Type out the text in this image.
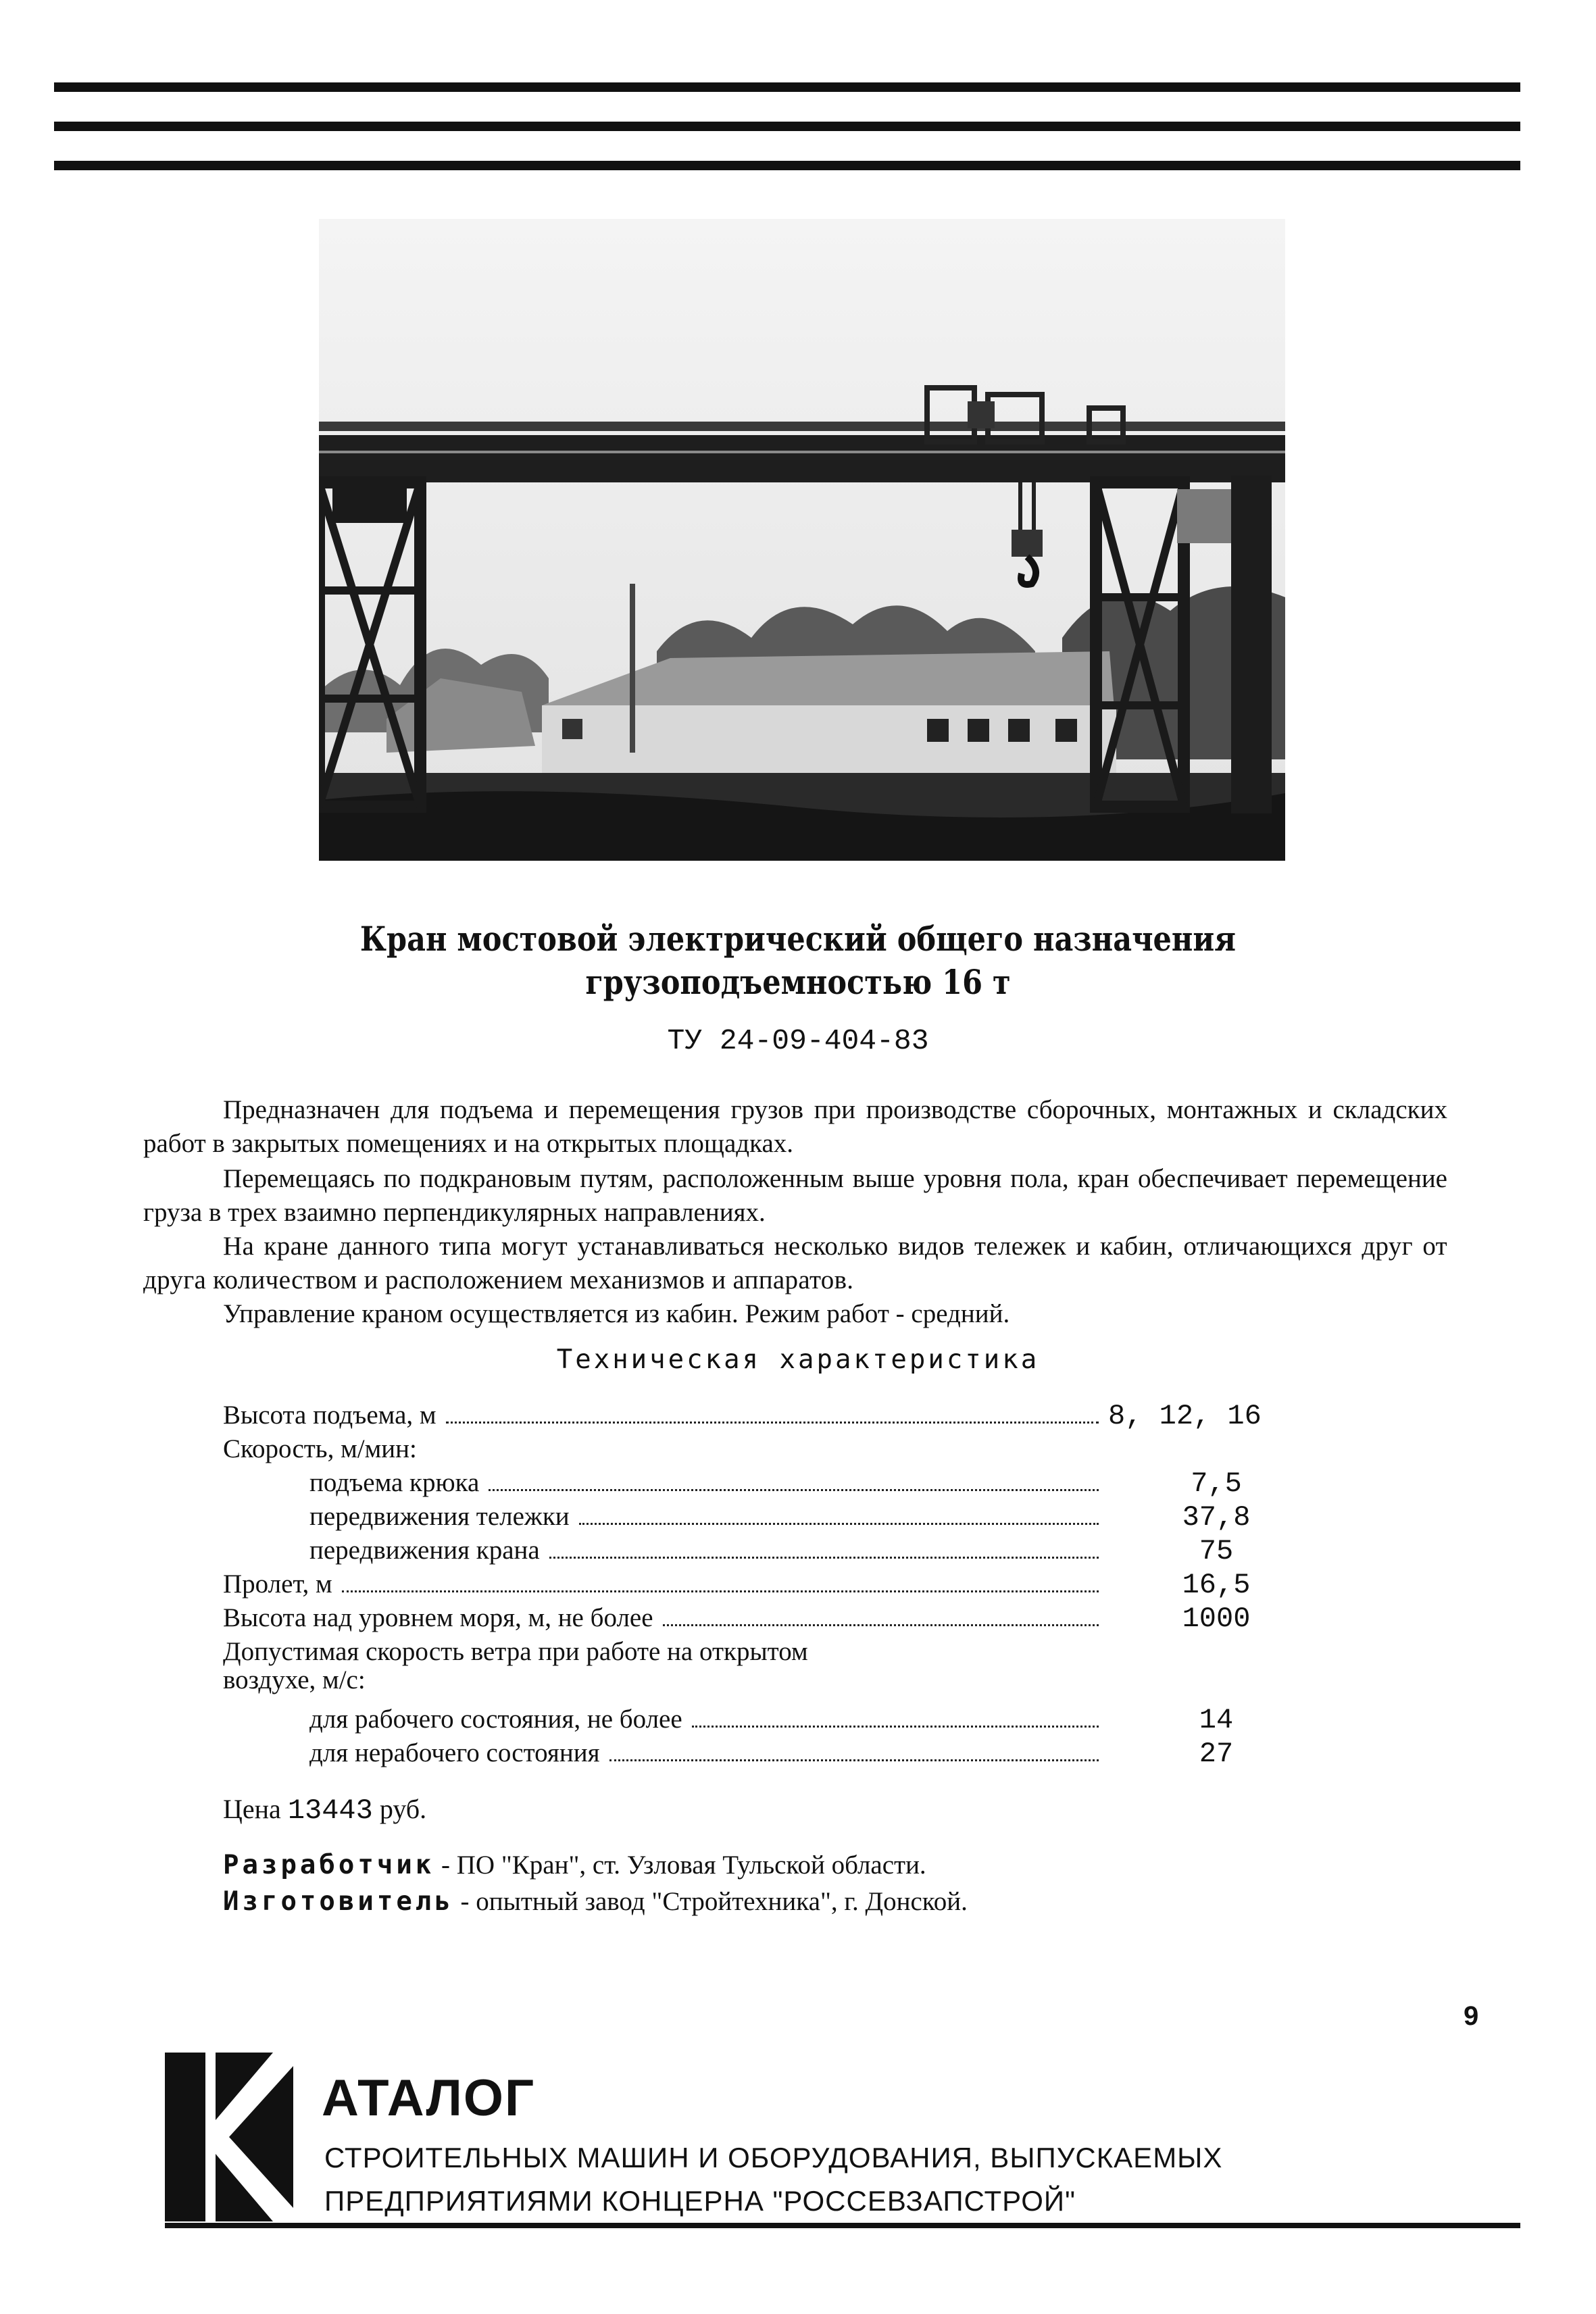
Кран мостовой электрический общего назначения
грузоподъемностью 16 т
ТУ 24-09-404-83

Предназначен для подъема и перемещения грузов при производстве сборочных, монтажных и складских работ в закрытых помещениях и на открытых площадках.

Перемещаясь по подкрановым путям, расположенным выше уровня пола, кран обеспечивает перемещение груза в трех взаимно перпендикулярных направлениях.

На кране данного типа могут устанавливаться несколько видов тележек и кабин, отличающихся друг от друга количеством и расположением механизмов и аппаратов.

Управление краном осуществляется из кабин. Режим работ - средний.

Техническая характеристика
Высота подъема, м	8, 12, 16
Скорость, м/мин:
подъема крюка	7,5
передвижения тележки	37,8
передвижения крана	75
Пролет, м	16,5
Высота над уровнем моря, м, не более	1000
Допустимая скорость ветра при работе на открытом
воздухе, м/с:
для рабочего состояния, не более	14
для нерабочего состояния	27
Цена 13443 руб.
Разработчик - ПО "Кран", ст. Узловая Тульской области.
Изготовитель - опытный завод "Стройтехника", г. Донской.
9
АТАЛОГ
СТРОИТЕЛЬНЫХ МАШИН И ОБОРУДОВАНИЯ, ВЫПУСКАЕМЫХ
ПРЕДПРИЯТИЯМИ КОНЦЕРНА "РОССЕВЗАПСТРОЙ"
